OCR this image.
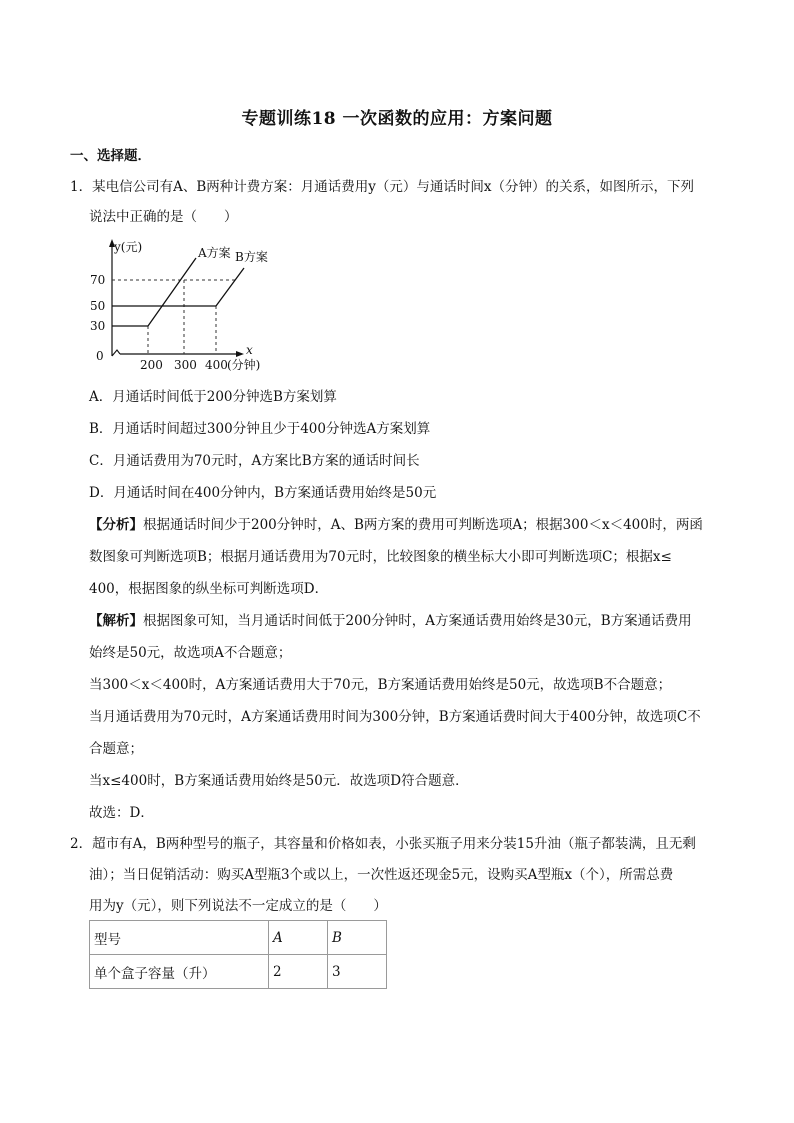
专题训练18 一次函数的应用：方案问题
一、选择题．
1．某电信公司有A、B两种计费方案：月通话费用y（元）与通话时间x（分钟）的关系，如图所示，下列
说法中正确的是（　　）
y(元)	A方案 B方案
70
50
30
0
200 300 400
x
(分钟)
A．月通话时间低于200分钟选B方案划算
B．月通话时间超过300分钟且少于400分钟选A方案划算
C．月通话费用为70元时，A方案比B方案的通话时间长
D．月通话时间在400分钟内，B方案通话费用始终是50元
【分析】根据通话时间少于200分钟时，A、B两方案的费用可判断选项A；根据300＜x＜400时，两函
数图象可判断选项B；根据月通话费用为70元时，比较图象的横坐标大小即可判断选项C；根据x≤
400，根据图象的纵坐标可判断选项D．
【解析】根据图象可知，当月通话时间低于200分钟时，A方案通话费用始终是30元，B方案通话费用
始终是50元，故选项A不合题意；
当300＜x＜400时，A方案通话费用大于70元，B方案通话费用始终是50元，故选项B不合题意；
当月通话费用为70元时，A方案通话费用时间为300分钟，B方案通话费时间大于400分钟，故选项C不
合题意；
当x≤400时，B方案通话费用始终是50元．故选项D符合题意．
故选：D．
2．超市有A，B两种型号的瓶子，其容量和价格如表，小张买瓶子用来分装15升油（瓶子都装满，且无剩
油）；当日促销活动：购买A型瓶3个或以上，一次性返还现金5元，设购买A型瓶x（个），所需总费
用为y（元），则下列说法不一定成立的是（　　）
型号	A	B
单个盒子容量（升）	2	3
